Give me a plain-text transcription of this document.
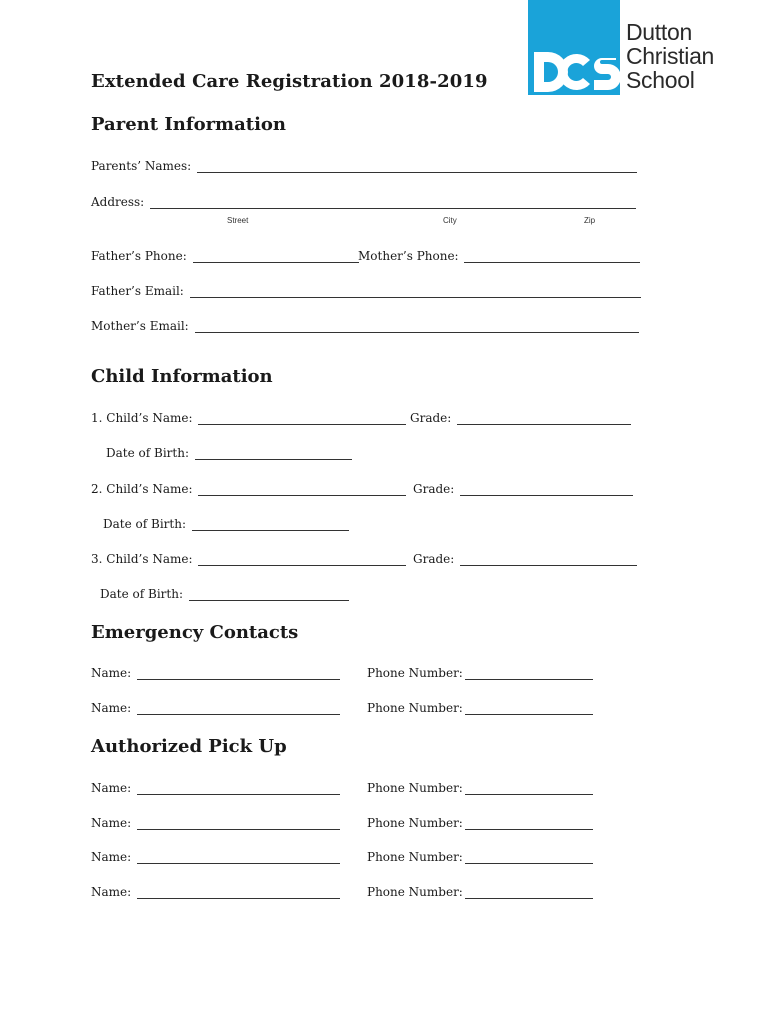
Dutton
Christian
School
Extended Care Registration 2018-2019
Parent Information
Parents’ Names:
Address:
Street	City	Zip
Father’s Phone:	Mother’s Phone:
Father’s Email:
Mother’s Email:
Child Information
1. Child’s Name:	Grade:
Date of Birth:
2. Child’s Name:	Grade:
Date of Birth:
3. Child’s Name:	Grade:
Date of Birth:
Emergency Contacts
Name:	Phone Number:
Name:	Phone Number:
Authorized Pick Up
Name:	Phone Number:
Name:	Phone Number:
Name:	Phone Number:
Name:	Phone Number:
